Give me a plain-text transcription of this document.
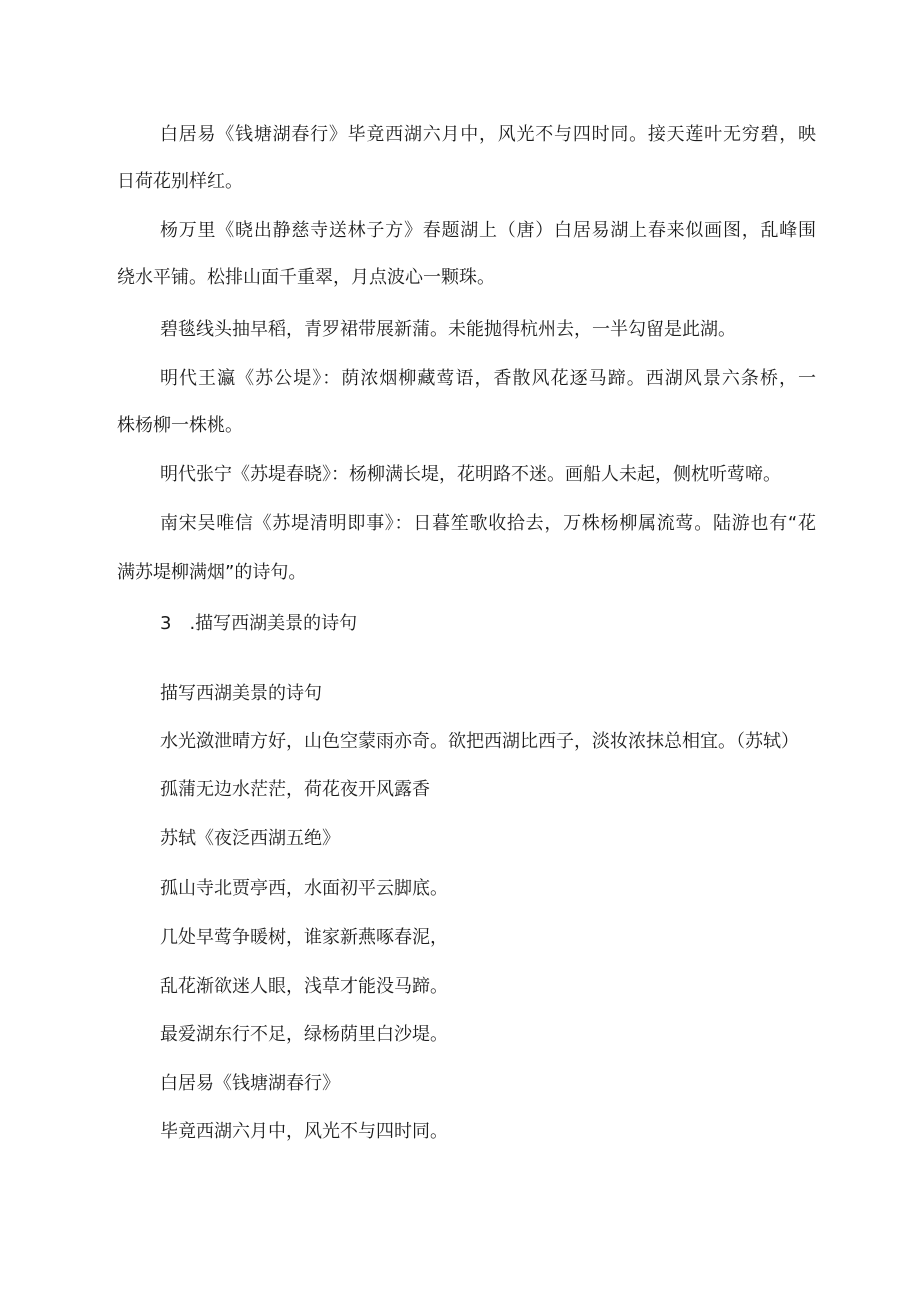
白居易《钱塘湖春行》毕竟西湖六月中，风光不与四时同。接天莲叶无穷碧，映
日荷花别样红。
杨万里《晓出静慈寺送林子方》春题湖上（唐）白居易湖上春来似画图，乱峰围
绕水平铺。松排山面千重翠，月点波心一颗珠。
碧毯线头抽早稻，青罗裙带展新蒲。未能抛得杭州去，一半勾留是此湖。
明代王瀛《苏公堤》：荫浓烟柳藏莺语，香散风花逐马蹄。西湖风景六条桥，一
株杨柳一株桃。
明代张宁《苏堤春晓》：杨柳满长堤，花明路不迷。画船人未起，侧枕听莺啼。
南宋吴唯信《苏堤清明即事》：日暮笙歌收拾去，万株杨柳属流莺。陆游也有“花
满苏堤柳满烟”的诗句。
3　.描写西湖美景的诗句
描写西湖美景的诗句
水光潋泄晴方好，山色空蒙雨亦奇。欲把西湖比西子，淡妆浓抹总相宜。（苏轼）
孤蒲无边水茫茫，荷花夜开风露香
苏轼《夜泛西湖五绝》
孤山寺北贾亭西，水面初平云脚底。
几处早莺争暖树，谁家新燕啄春泥，
乱花渐欲迷人眼，浅草才能没马蹄。
最爱湖东行不足，绿杨荫里白沙堤。
白居易《钱塘湖春行》
毕竟西湖六月中，风光不与四时同。
